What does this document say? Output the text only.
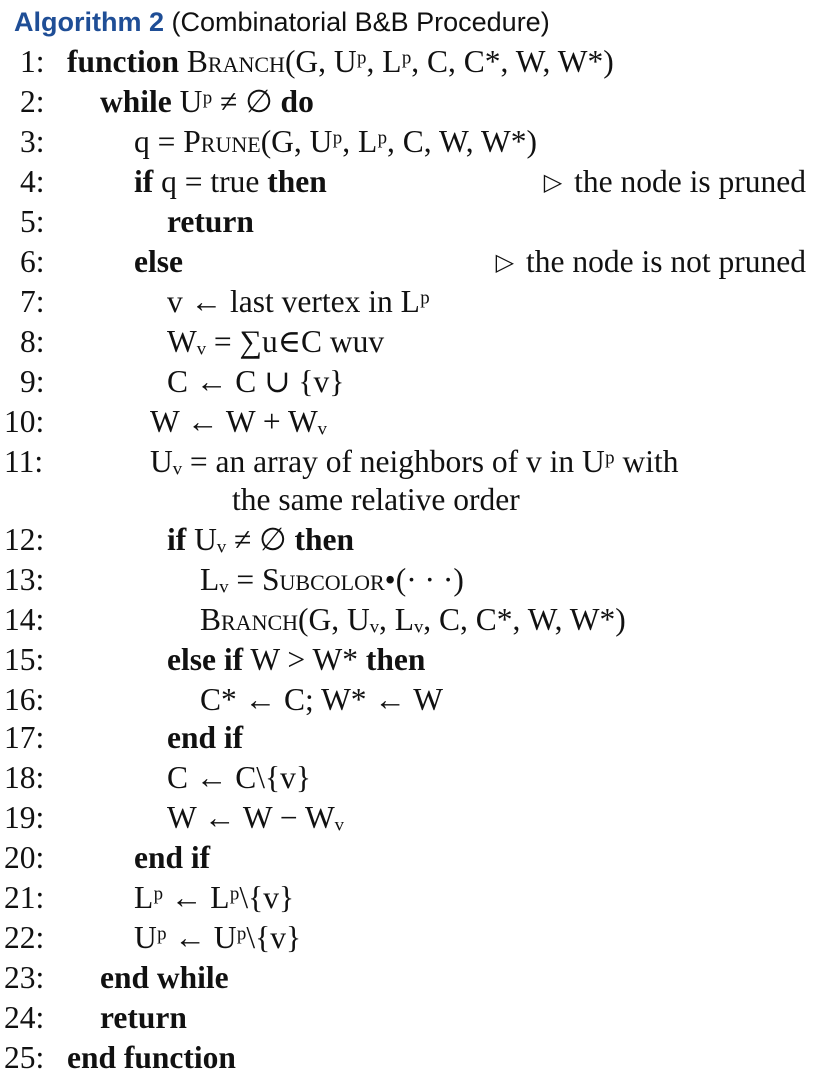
Algorithm 2 (Combinatorial B&B Procedure)
1: function Branch(G, Uᵖ, Lᵖ, C, C*, W, W*)
2: while Uᵖ ≠ ∅ do
3:	q = Prune(G, Uᵖ, Lᵖ, C, W, W*)
4:	if q = true then	▷ the node is pruned
5:	return
6:	else	▷ the node is not pruned
7:	v ← last vertex in Lᵖ
8:	Wᵥ = ∑u∈C wuv
9:	C ← C ∪ {v}
10:	W ← W + Wᵥ
11:	Uᵥ = an array of neighbors of v in Uᵖ with
the same relative order
12:	if Uᵥ ≠ ∅ then
13:	Lᵥ = Subcolor•(· · ·)
14:	Branch(G, Uᵥ, Lᵥ, C, C*, W, W*)
15:	else if W > W* then
16:	C* ← C; W* ← W
17:	end if
18:	C ← C\{v}
19:	W ← W − Wᵥ
20:	end if
21:	Lᵖ ← Lᵖ\{v}
22:	Uᵖ ← Uᵖ\{v}
23: end while
24: return
25: end function
